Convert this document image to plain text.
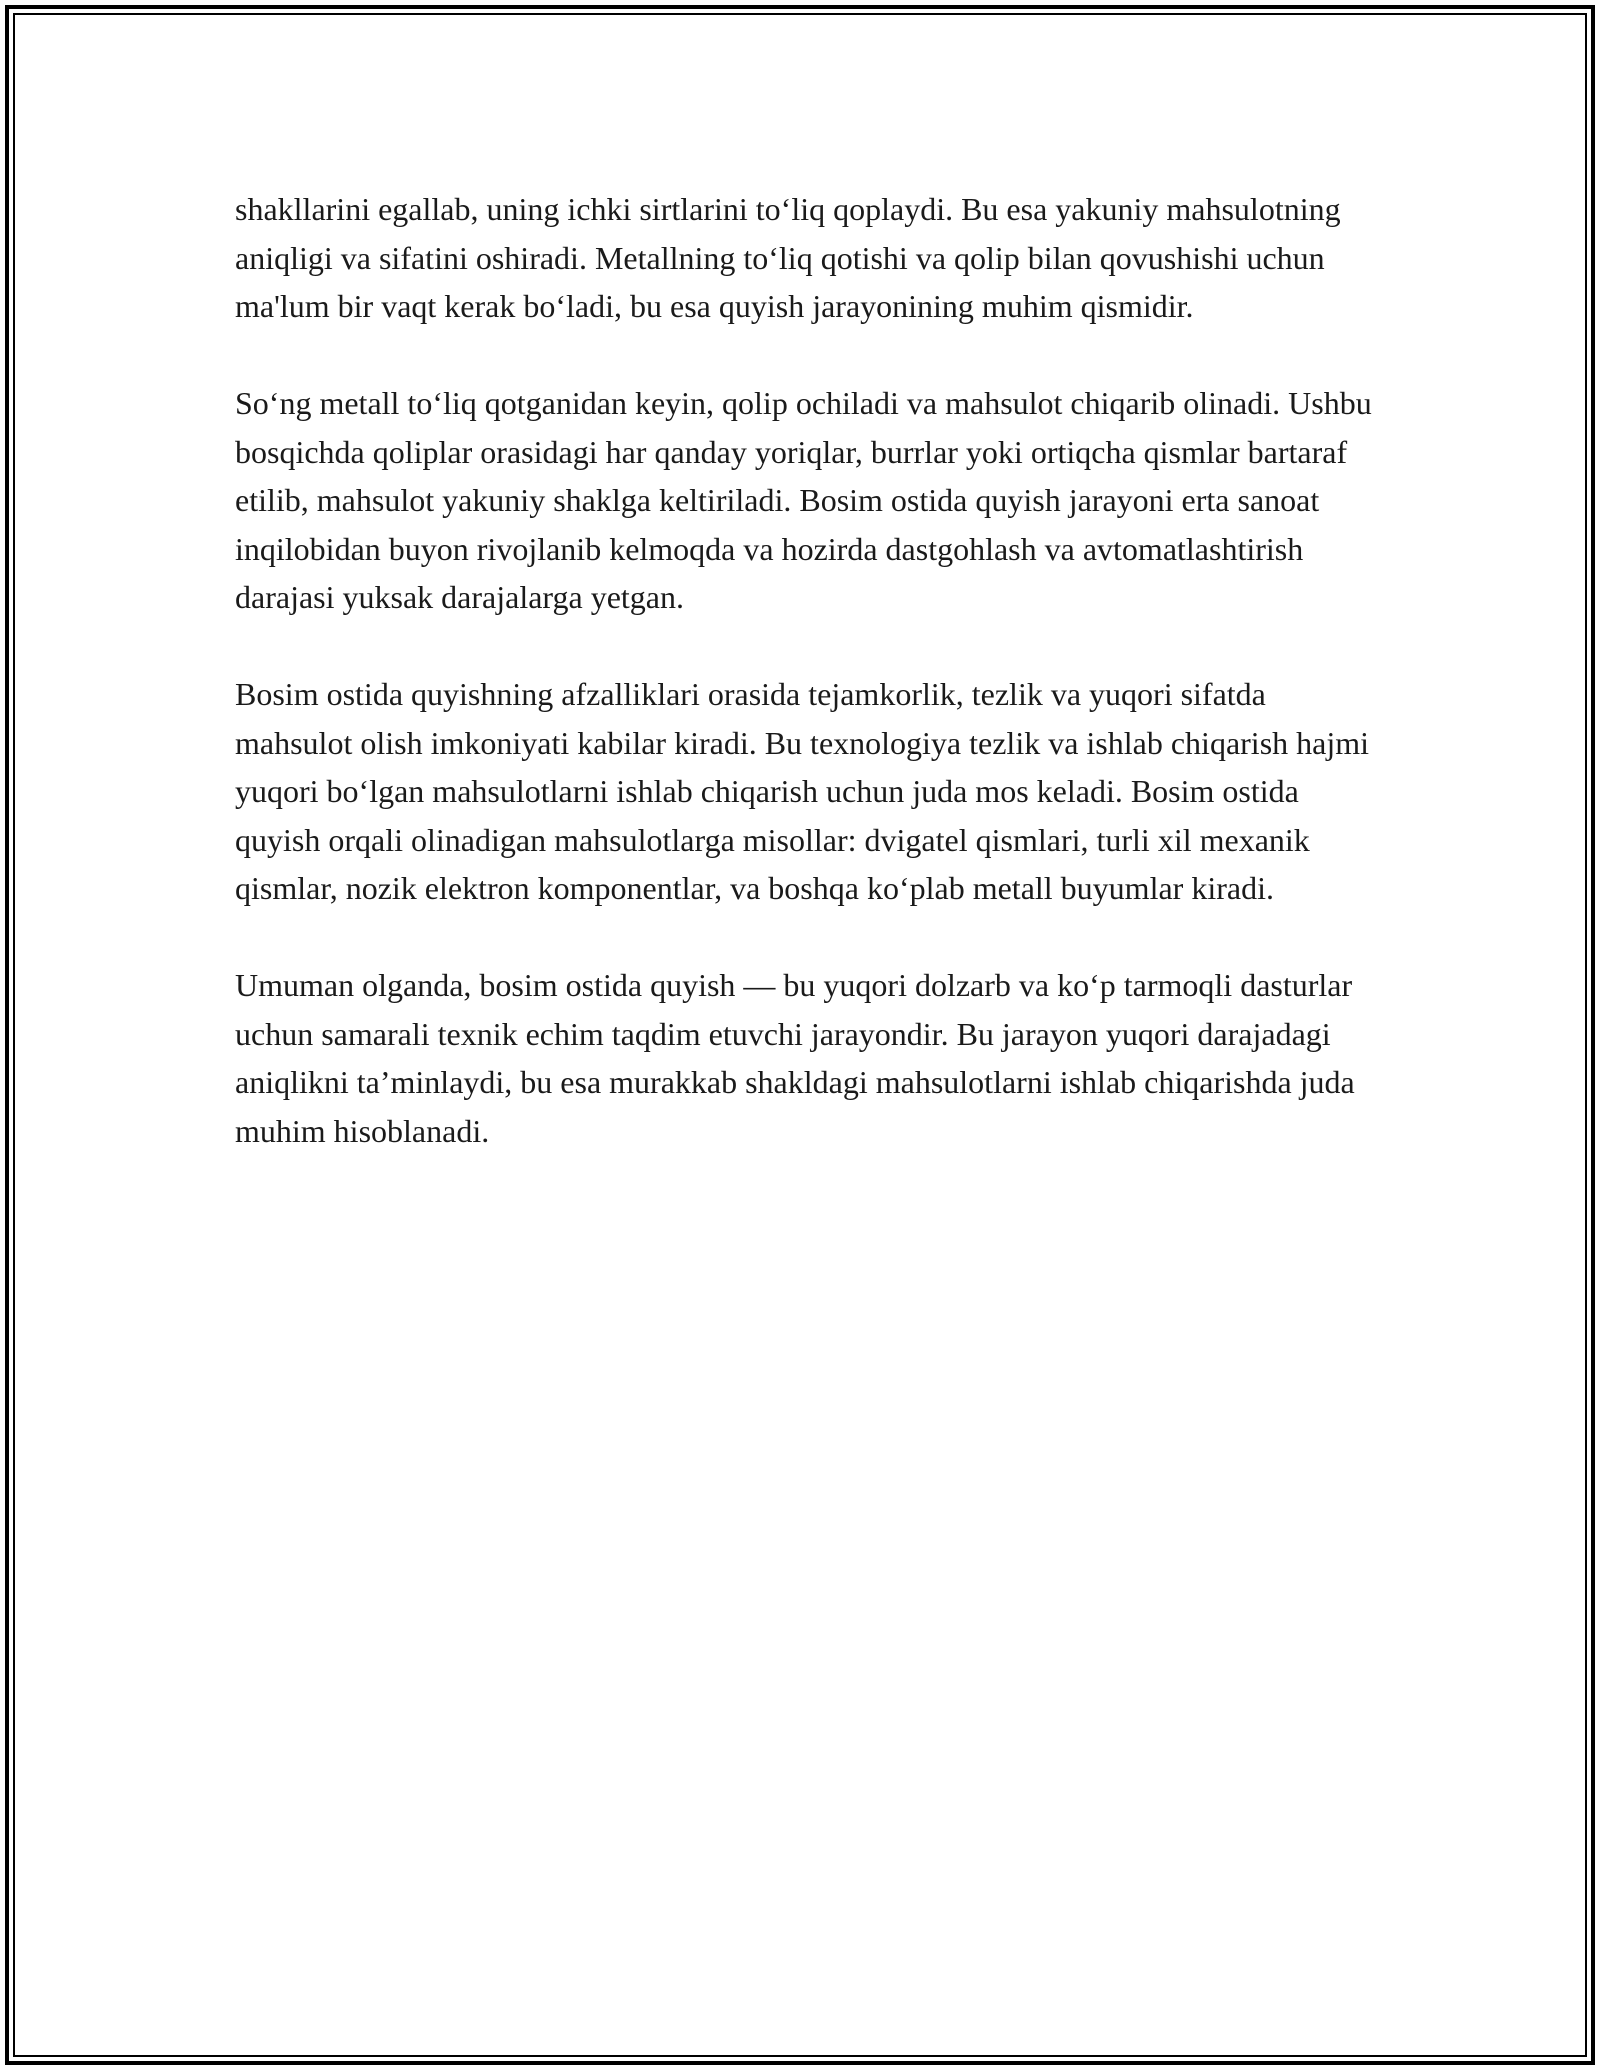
shakllarini egallab, uning ichki sirtlarini to‘liq qoplaydi. Bu esa yakuniy mahsulotning aniqligi va sifatini oshiradi. Metallning to‘liq qotishi va qolip bilan qovushishi uchun ma'lum bir vaqt kerak bo‘ladi, bu esa quyish jarayonining muhim qismidir.

So‘ng metall to‘liq qotganidan keyin, qolip ochiladi va mahsulot chiqarib olinadi. Ushbu bosqichda qoliplar orasidagi har qanday yoriqlar, burrlar yoki ortiqcha qismlar bartaraf etilib, mahsulot yakuniy shaklga keltiriladi. Bosim ostida quyish jarayoni erta sanoat inqilobidan buyon rivojlanib kelmoqda va hozirda dastgohlash va avtomatlashtirish darajasi yuksak darajalarga yetgan.

Bosim ostida quyishning afzalliklari orasida tejamkorlik, tezlik va yuqori sifatda mahsulot olish imkoniyati kabilar kiradi. Bu texnologiya tezlik va ishlab chiqarish hajmi yuqori bo‘lgan mahsulotlarni ishlab chiqarish uchun juda mos keladi. Bosim ostida quyish orqali olinadigan mahsulotlarga misollar: dvigatel qismlari, turli xil mexanik qismlar, nozik elektron komponentlar, va boshqa ko‘plab metall buyumlar kiradi.

Umuman olganda, bosim ostida quyish — bu yuqori dolzarb va ko‘p tarmoqli dasturlar uchun samarali texnik echim taqdim etuvchi jarayondir. Bu jarayon yuqori darajadagi aniqlikni ta’minlaydi, bu esa murakkab shakldagi mahsulotlarni ishlab chiqarishda juda muhim hisoblanadi.
